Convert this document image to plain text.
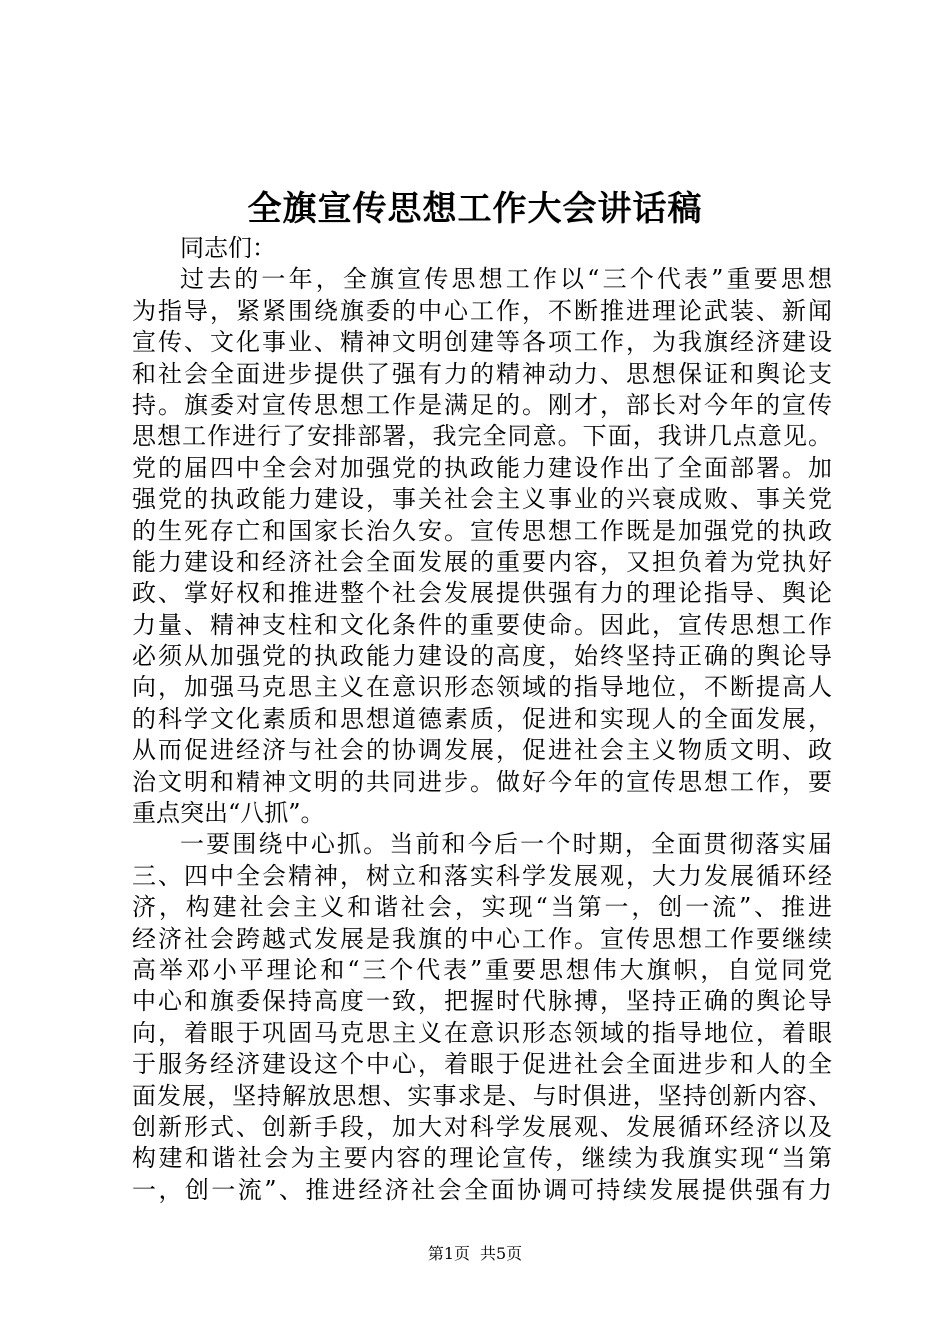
全旗宣传思想工作大会讲话稿
同志们：
过去的一年，全旗宣传思想工作以“三个代表”重要思想
为指导，紧紧围绕旗委的中心工作，不断推进理论武装、新闻
宣传、文化事业、精神文明创建等各项工作，为我旗经济建设
和社会全面进步提供了强有力的精神动力、思想保证和舆论支
持。旗委对宣传思想工作是满足的。刚才，部长对今年的宣传
思想工作进行了安排部署，我完全同意。下面，我讲几点意见。
党的届四中全会对加强党的执政能力建设作出了全面部署。加
强党的执政能力建设，事关社会主义事业的兴衰成败、事关党
的生死存亡和国家长治久安。宣传思想工作既是加强党的执政
能力建设和经济社会全面发展的重要内容，又担负着为党执好
政、掌好权和推进整个社会发展提供强有力的理论指导、舆论
力量、精神支柱和文化条件的重要使命。因此，宣传思想工作
必须从加强党的执政能力建设的高度，始终坚持正确的舆论导
向，加强马克思主义在意识形态领域的指导地位，不断提高人
的科学文化素质和思想道德素质，促进和实现人的全面发展，
从而促进经济与社会的协调发展，促进社会主义物质文明、政
治文明和精神文明的共同进步。做好今年的宣传思想工作，要
重点突出“八抓”。
一要围绕中心抓。当前和今后一个时期，全面贯彻落实届
三、四中全会精神，树立和落实科学发展观，大力发展循环经
济，构建社会主义和谐社会，实现“当第一，创一流”、推进
经济社会跨越式发展是我旗的中心工作。宣传思想工作要继续
高举邓小平理论和“三个代表”重要思想伟大旗帜，自觉同党
中心和旗委保持高度一致，把握时代脉搏，坚持正确的舆论导
向，着眼于巩固马克思主义在意识形态领域的指导地位，着眼
于服务经济建设这个中心，着眼于促进社会全面进步和人的全
面发展，坚持解放思想、实事求是、与时俱进，坚持创新内容、
创新形式、创新手段，加大对科学发展观、发展循环经济以及
构建和谐社会为主要内容的理论宣传，继续为我旗实现“当第
一，创一流”、推进经济社会全面协调可持续发展提供强有力
第1页 共5页
